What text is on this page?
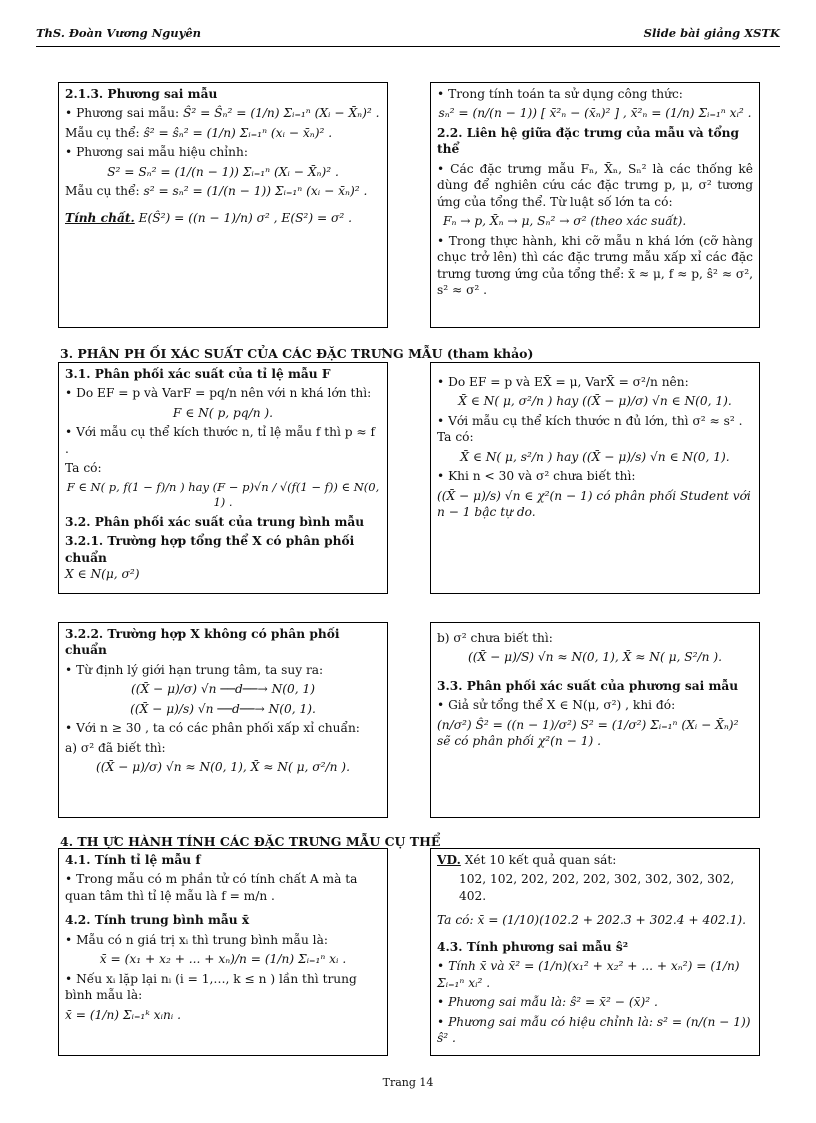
ThS. Đoàn Vương Nguyên	Slide bài giảng XSTK

2.1.3. Phương sai mẫu

• Phương sai mẫu: Ŝ² = Ŝₙ² = (1/n) Σᵢ₌₁ⁿ (Xᵢ − X̄ₙ)² .

Mẫu cụ thể: ŝ² = ŝₙ² = (1/n) Σᵢ₌₁ⁿ (xᵢ − x̄ₙ)² .

• Phương sai mẫu hiệu chỉnh:

S² = Sₙ² = (1/(n − 1)) Σᵢ₌₁ⁿ (Xᵢ − X̄ₙ)² .

Mẫu cụ thể: s² = sₙ² = (1/(n − 1)) Σᵢ₌₁ⁿ (xᵢ − x̄ₙ)² .

Tính chất. E(Ŝ²) = ((n − 1)/n) σ² , E(S²) = σ² .

• Trong tính toán ta sử dụng công thức:

sₙ² = (n/(n − 1)) [ x̄²ₙ − (x̄ₙ)² ] , x̄²ₙ = (1/n) Σᵢ₌₁ⁿ xᵢ² .

2.2. Liên hệ giữa đặc trưng của mẫu và tổng thể

• Các đặc trưng mẫu Fₙ, X̄ₙ, Sₙ² là các thống kê dùng để nghiên cứu các đặc trưng p, μ, σ² tương ứng của tổng thể. Từ luật số lớn ta có:

Fₙ → p, X̄ₙ → μ, Sₙ² → σ² (theo xác suất).

• Trong thực hành, khi cỡ mẫu n khá lớn (cỡ hàng chục trở lên) thì các đặc trưng mẫu xấp xỉ các đặc trưng tương ứng của tổng thể: x̄ ≈ μ, f ≈ p, ŝ² ≈ σ², s² ≈ σ² .

3. PHÂN PH ỐI XÁC SUẤT CỦA CÁC ĐẶC TRƯNG MẪU (tham khảo)

3.1. Phân phối xác suất của tỉ lệ mẫu F

• Do EF = p và VarF = pq/n nên với n khá lớn thì:

F ∈ N( p, pq/n ).

• Với mẫu cụ thể kích thước n, tỉ lệ mẫu f thì p ≈ f .

Ta có:

F ∈ N( p, f(1 − f)/n ) hay (F − p)√n / √(f(1 − f)) ∈ N(0, 1) .

3.2. Phân phối xác suất của trung bình mẫu

3.2.1. Trường hợp tổng thể X có phân phối chuẩn

X ∈ N(μ, σ²)

• Do EF = p và EX̄ = μ, VarX̄ = σ²/n nên:

X̄ ∈ N( μ, σ²/n ) hay ((X̄ − μ)/σ) √n ∈ N(0, 1).

• Với mẫu cụ thể kích thước n đủ lớn, thì σ² ≈ s² . Ta có:

X̄ ∈ N( μ, s²/n ) hay ((X̄ − μ)/s) √n ∈ N(0, 1).

• Khi n < 30 và σ² chưa biết thì:

((X̄ − μ)/s) √n ∈ χ²(n − 1) có phân phối Student với n − 1 bậc tự do.

3.2.2. Trường hợp X không có phân phối chuẩn

• Từ định lý giới hạn trung tâm, ta suy ra:

((X̄ − μ)/σ) √n ──d──→ N(0, 1)

((X̄ − μ)/s) √n ──d──→ N(0, 1).

• Với n ≥ 30 , ta có các phân phối xấp xỉ chuẩn:

a) σ² đã biết thì:

((X̄ − μ)/σ) √n ≈ N(0, 1), X̄ ≈ N( μ, σ²/n ).

b) σ² chưa biết thì:

((X̄ − μ)/S) √n ≈ N(0, 1), X̄ ≈ N( μ, S²/n ).

3.3. Phân phối xác suất của phương sai mẫu

• Giả sử tổng thể X ∈ N(μ, σ²) , khi đó:

(n/σ²) Ŝ² = ((n − 1)/σ²) S² = (1/σ²) Σᵢ₌₁ⁿ (Xᵢ − X̄ₙ)² sẽ có phân phối χ²(n − 1) .

4. TH ỰC HÀNH TÍNH CÁC ĐẶC TRƯNG MẪU CỤ THỂ

4.1. Tính tỉ lệ mẫu f

• Trong mẫu có m phần tử có tính chất A mà ta quan tâm thì tỉ lệ mẫu là f = m/n .

4.2. Tính trung bình mẫu x̄

• Mẫu có n giá trị xᵢ thì trung bình mẫu là:

x̄ = (x₁ + x₂ + ... + xₙ)/n = (1/n) Σᵢ₌₁ⁿ xᵢ .

• Nếu xᵢ lặp lại nᵢ (i = 1,…, k ≤ n ) lần thì trung bình mẫu là:

x̄ = (1/n) Σᵢ₌₁ᵏ xᵢnᵢ .

VD. Xét 10 kết quả quan sát:

102, 102, 202, 202, 202, 302, 302, 302, 302, 402.

Ta có: x̄ = (1/10)(102.2 + 202.3 + 302.4 + 402.1).

4.3. Tính phương sai mẫu ŝ²

• Tính x̄ và x̄² = (1/n)(x₁² + x₂² + ... + xₙ²) = (1/n) Σᵢ₌₁ⁿ xᵢ² .

• Phương sai mẫu là: ŝ² = x̄² − (x̄)² .

• Phương sai mẫu có hiệu chỉnh là: s² = (n/(n − 1)) ŝ² .

Trang 14
